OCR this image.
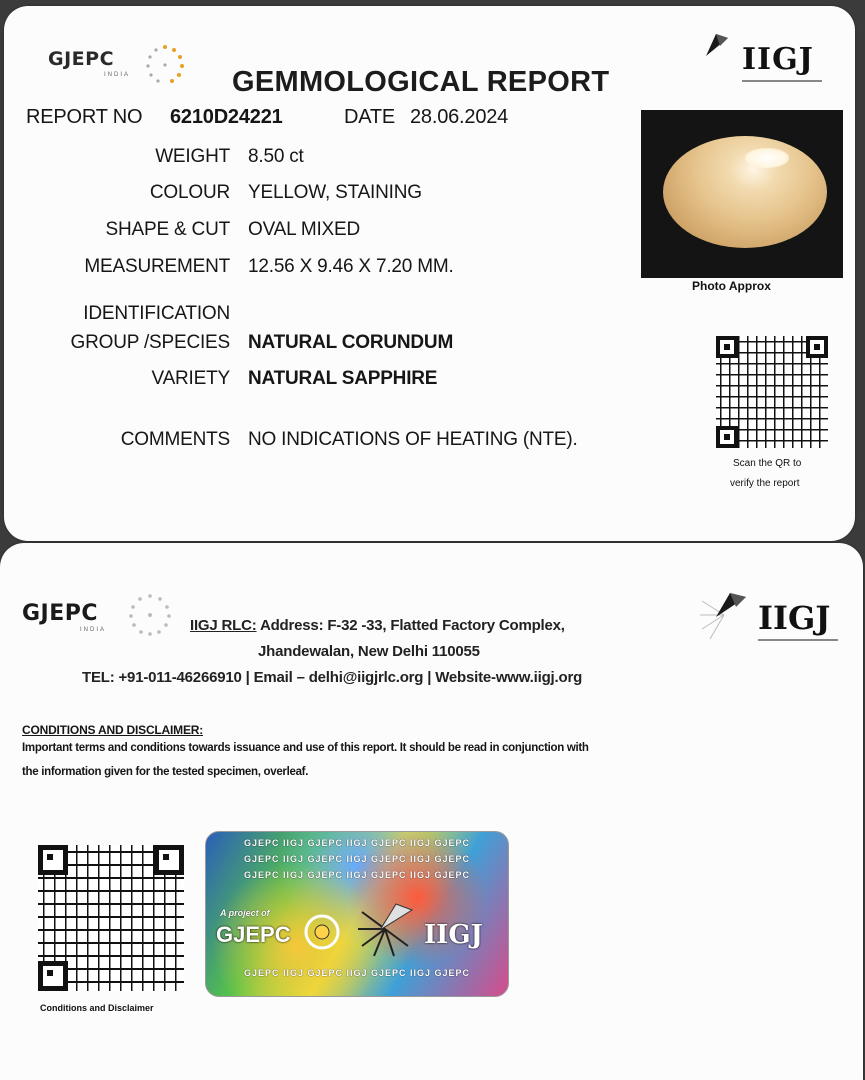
GJEPC
INDIA	IIGJ
GEMMOLOGICAL REPORT
REPORT NO 6210D24221	DATE 28.06.2024
WEIGHT 8.50 ct
COLOUR YELLOW, STAINING
SHAPE & CUT OVAL MIXED
MEASUREMENT 12.56 X 9.46 X 7.20 MM.
IDENTIFICATION
GROUP /SPECIES NATURAL CORUNDUM
VARIETY NATURAL SAPPHIRE
COMMENTS NO INDICATIONS OF HEATING (NTE).
Photo Approx
Scan the QR to
verify the report
GJEPC
INDIA	IIGJ
IIGJ RLC: Address: F-32 -33, Flatted Factory Complex,
Jhandewalan, New Delhi 110055
TEL: +91-011-46266910 | Email – delhi@iigjrlc.org | Website-www.iigj.org
CONDITIONS AND DISCLAIMER:
Important terms and conditions towards issuance and use of this report. It should be read in conjunction with
the information given for the tested specimen, overleaf.
Conditions and Disclaimer
GJEPC IIGJ GJEPC IIGJ GJEPC IIGJ GJEPC
GJEPC IIGJ GJEPC IIGJ GJEPC IIGJ GJEPC
GJEPC IIGJ GJEPC IIGJ GJEPC IIGJ GJEPC
A project of
GJEPC	IIGJ
GJEPC IIGJ GJEPC IIGJ GJEPC IIGJ GJEPC
